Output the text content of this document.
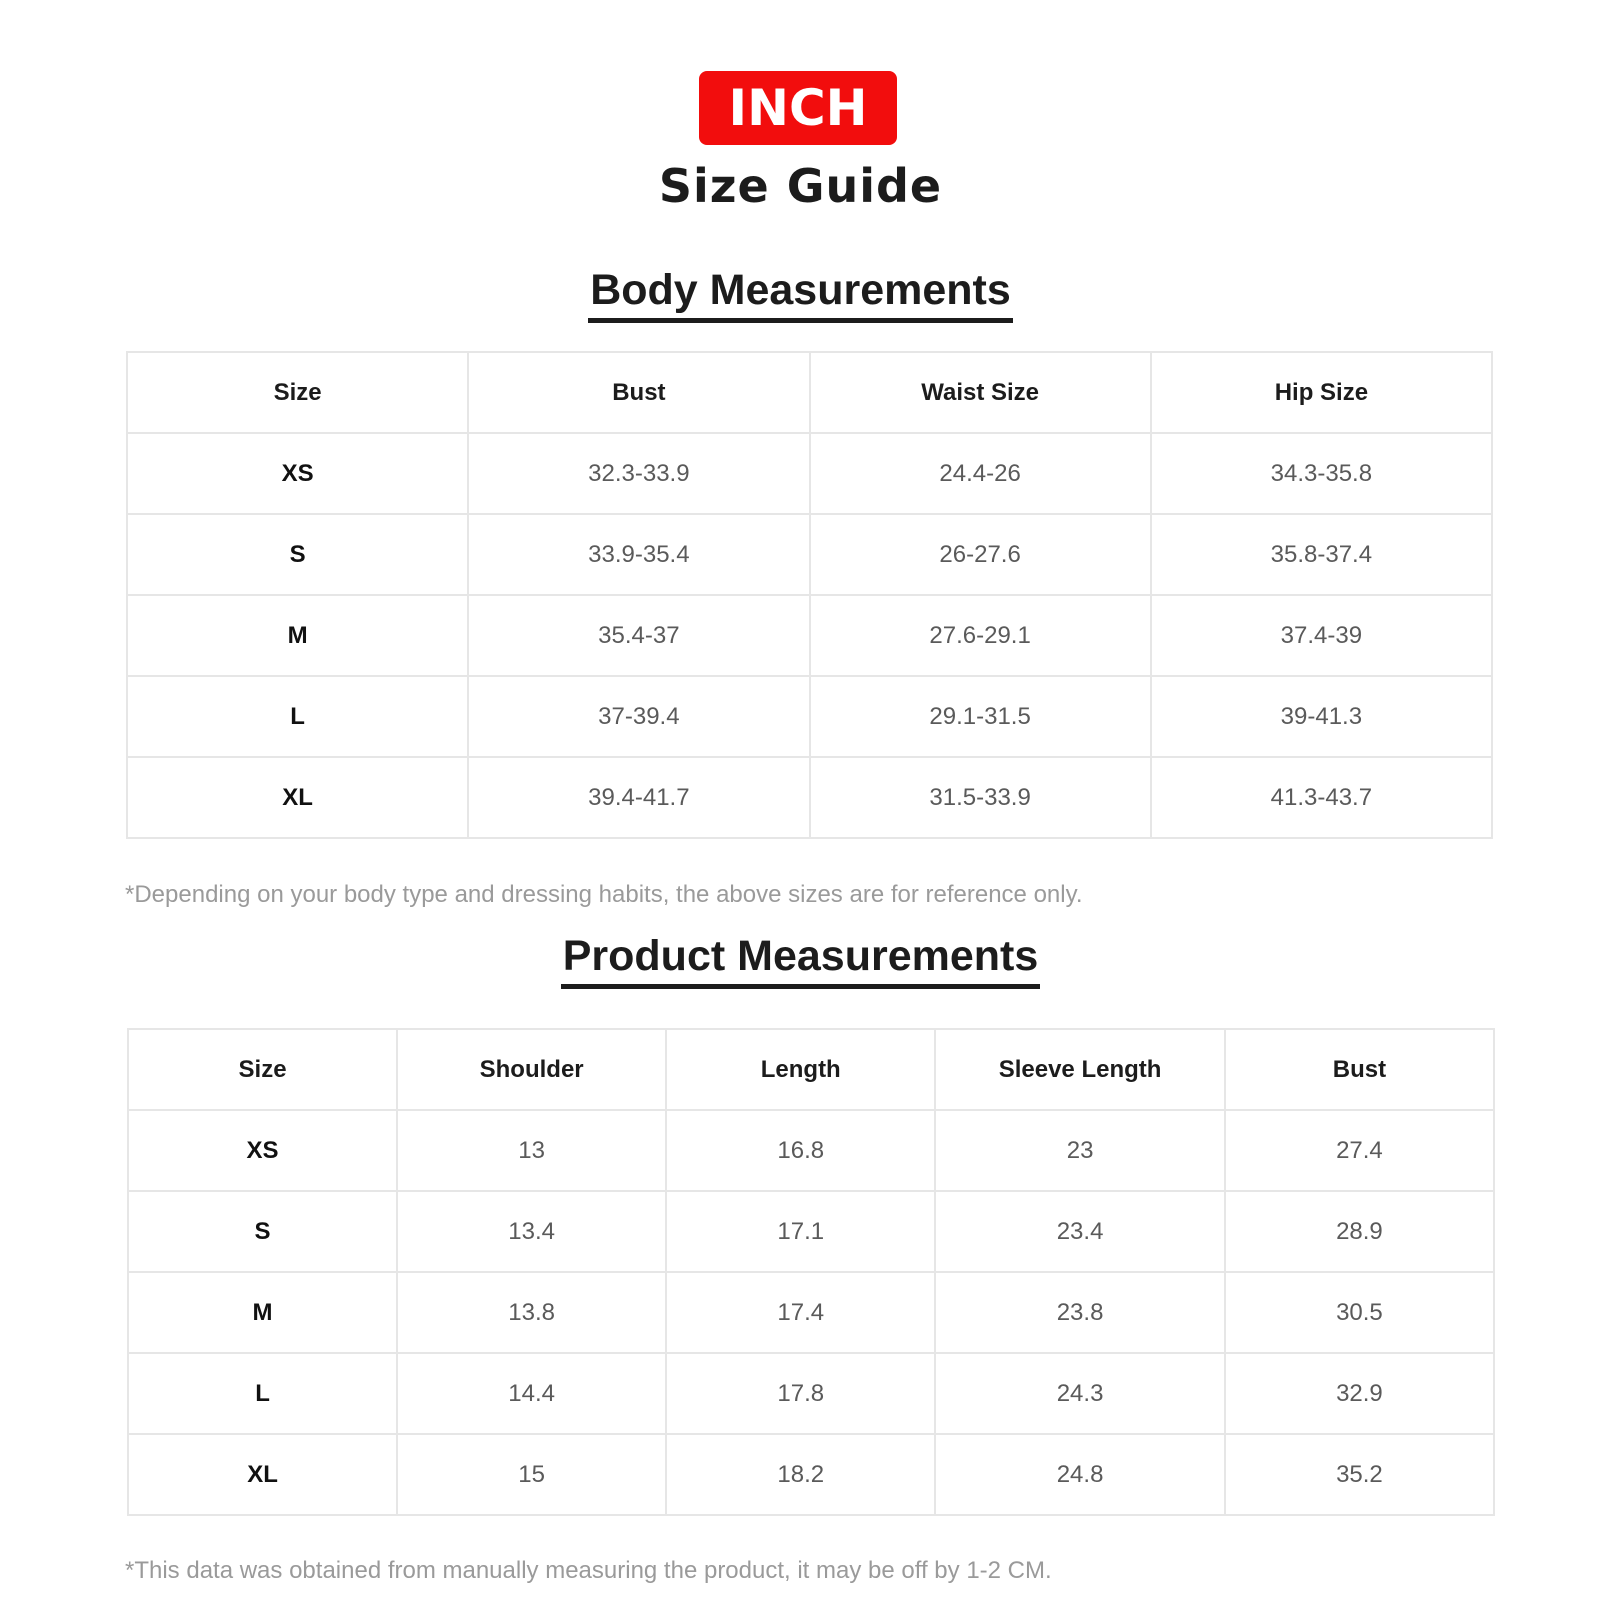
INCH
Size Guide
Body Measurements
Size	Bust	Waist Size	Hip Size
XS	32.3-33.9	24.4-26	34.3-35.8
S	33.9-35.4	26-27.6	35.8-37.4
M	35.4-37	27.6-29.1	37.4-39
L	37-39.4	29.1-31.5	39-41.3
XL	39.4-41.7	31.5-33.9	41.3-43.7
*Depending on your body type and dressing habits, the above sizes are for reference only.
Product Measurements
Size	Shoulder	Length	Sleeve Length	Bust
XS	13	16.8	23	27.4
S	13.4	17.1	23.4	28.9
M	13.8	17.4	23.8	30.5
L	14.4	17.8	24.3	32.9
XL	15	18.2	24.8	35.2
*This data was obtained from manually measuring the product, it may be off by 1-2 CM.
